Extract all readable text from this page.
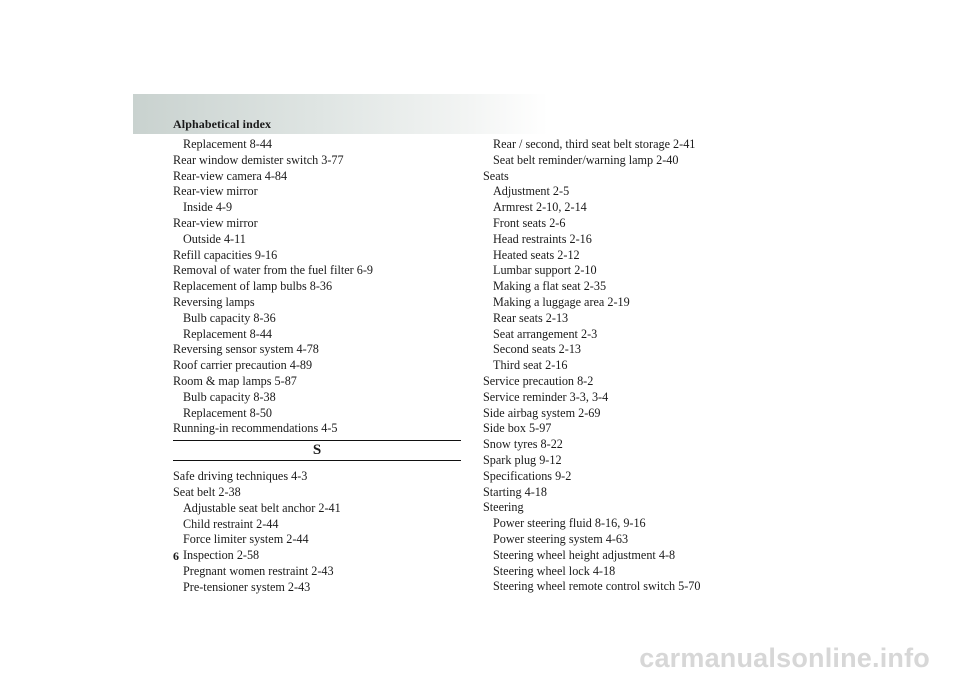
Alphabetical index
Replacement 8-44
Rear window demister switch 3-77
Rear-view camera 4-84
Rear-view mirror
Inside 4-9
Rear-view mirror
Outside 4-11
Refill capacities 9-16
Removal of water from the fuel filter 6-9
Replacement of lamp bulbs 8-36
Reversing lamps
Bulb capacity 8-36
Replacement 8-44
Reversing sensor system 4-78
Roof carrier precaution 4-89
Room & map lamps 5-87
Bulb capacity 8-38
Replacement 8-50
Running-in recommendations 4-5
S
Safe driving techniques 4-3
Seat belt 2-38
Adjustable seat belt anchor 2-41
Child restraint 2-44
Force limiter system 2-44
Inspection 2-58
Pregnant women restraint 2-43
Pre-tensioner system 2-43
Rear / second, third seat belt storage 2-41
Seat belt reminder/warning lamp 2-40
Seats
Adjustment 2-5
Armrest 2-10, 2-14
Front seats 2-6
Head restraints 2-16
Heated seats 2-12
Lumbar support 2-10
Making a flat seat 2-35
Making a luggage area 2-19
Rear seats 2-13
Seat arrangement 2-3
Second seats 2-13
Third seat 2-16
Service precaution 8-2
Service reminder 3-3, 3-4
Side airbag system 2-69
Side box 5-97
Snow tyres 8-22
Spark plug 9-12
Specifications 9-2
Starting 4-18
Steering
Power steering fluid 8-16, 9-16
Power steering system 4-63
Steering wheel height adjustment 4-8
Steering wheel lock 4-18
Steering wheel remote control switch 5-70
6
carmanualsonline.info
